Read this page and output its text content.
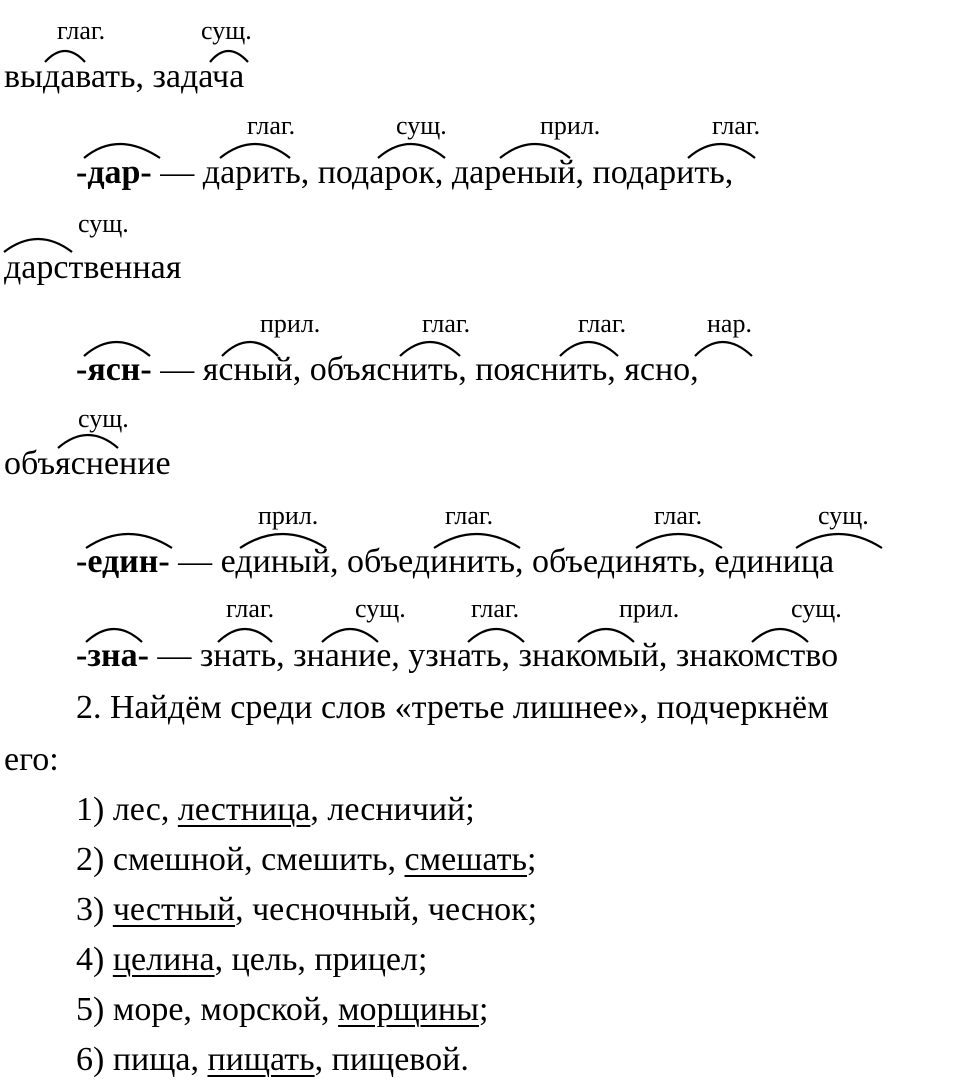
глаг.	сущ.
выдавать, задача
глаг.	сущ.	прил.	глаг.
-дар- — дарить, подарок, дареный, подарить,
сущ.
дарственная
прил.	глаг.	глаг.	нар.
-ясн- — ясный, объяснить, пояснить, ясно,
сущ.
объяснение
прил.	глаг.	глаг.	сущ.
-един- — единый, объединить, объединять, единица
глаг.	сущ.	глаг.	прил.	сущ.
-зна- — знать, знание, узнать, знакомый, знакомство
2. Найдём среди слов «третье лишнее», подчеркнём
его:
1) лес, лестница, лесничий;
2) смешной, смешить, смешать;
3) честный, чесночный, чеснок;
4) целина, цель, прицел;
5) море, морской, морщины;
6) пища, пищать, пищевой.
